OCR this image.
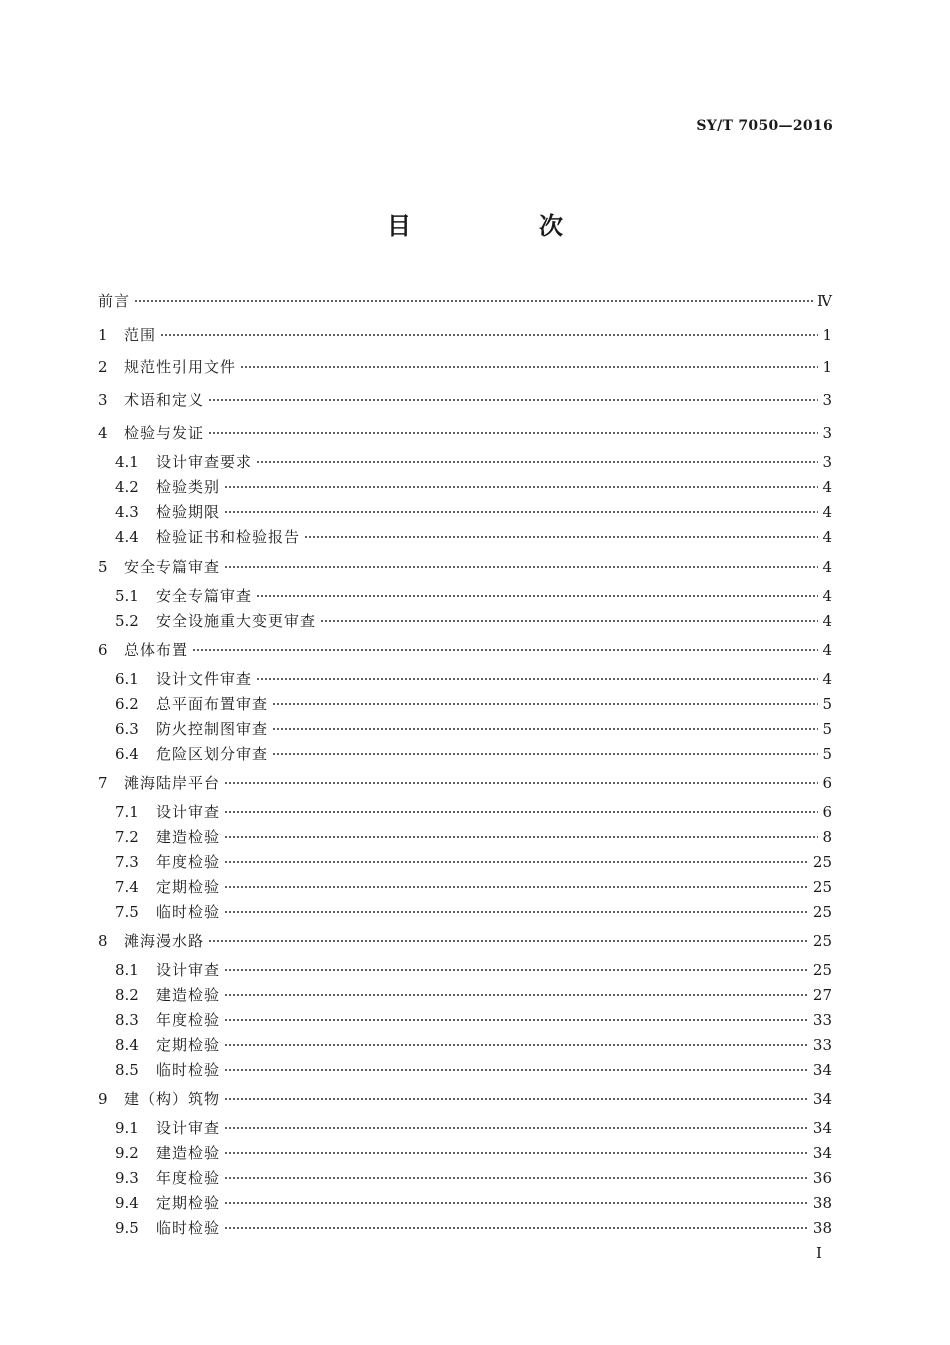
SY/T 7050—2016
目　次
前言	Ⅳ
1	范围	1
2	规范性引用文件	1
3	术语和定义	3
4	检验与发证	3
4.1	设计审查要求	3
4.2	检验类别	4
4.3	检验期限	4
4.4	检验证书和检验报告	4
5	安全专篇审查	4
5.1	安全专篇审查	4
5.2	安全设施重大变更审查	4
6	总体布置	4
6.1	设计文件审查	4
6.2	总平面布置审查	5
6.3	防火控制图审查	5
6.4	危险区划分审查	5
7	滩海陆岸平台	6
7.1	设计审查	6
7.2	建造检验	8
7.3	年度检验	25
7.4	定期检验	25
7.5	临时检验	25
8	滩海漫水路	25
8.1	设计审查	25
8.2	建造检验	27
8.3	年度检验	33
8.4	定期检验	33
8.5	临时检验	34
9	建（构）筑物	34
9.1	设计审查	34
9.2	建造检验	34
9.3	年度检验	36
9.4	定期检验	38
9.5	临时检验	38
I
